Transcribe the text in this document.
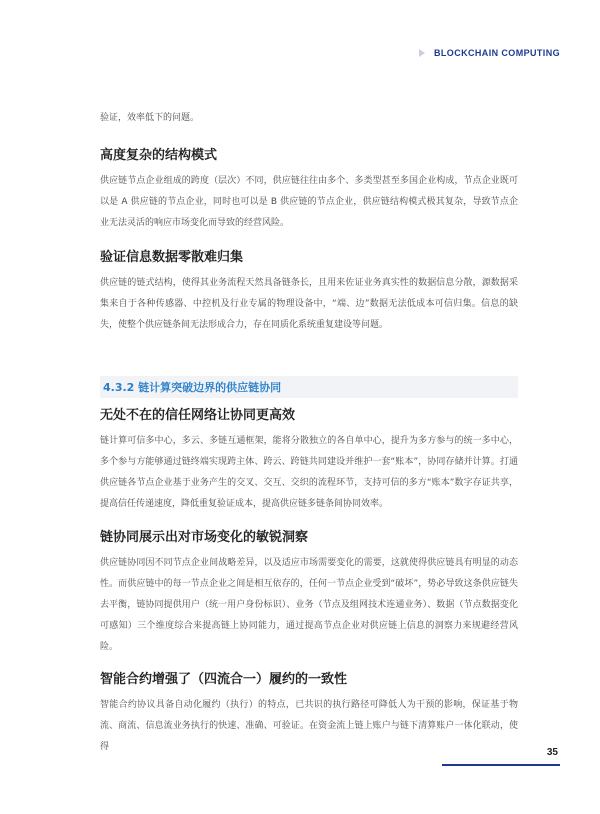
BLOCKCHAIN COMPUTING

验证，效率低下的问题。

高度复杂的结构模式

供应链节点企业组成的跨度（层次）不同，供应链往往由多个、多类型甚至多国企业构成，节点企业既可以是 A 供应链的节点企业，同时也可以是 B 供应链的节点企业，供应链结构模式极其复杂，导致节点企业无法灵活的响应市场变化而导致的经营风险。

验证信息数据零散难归集

供应链的链式结构，使得其业务流程天然具备链条长，且用来佐证业务真实性的数据信息分散，源数据采集来自于各种传感器、中控机及行业专属的物理设备中，“端、边”数据无法低成本可信归集。信息的缺失，使整个供应链条间无法形成合力，存在同质化系统重复建设等问题。

4.3.2 链计算突破边界的供应链协同
无处不在的信任网络让协同更高效

链计算可信多中心，多云、多链互通框架，能将分散独立的各自单中心，提升为多方参与的统一多中心，多个参与方能够通过链终端实现跨主体、跨云、跨链共同建设并维护一套“账本”，协同存储并计算。打通供应链各节点企业基于业务产生的交叉、交互、交织的流程环节，支持可信的多方“账本”数字存证共享，提高信任传递速度，降低重复验证成本，提高供应链多链条间协同效率。

链协同展示出对市场变化的敏锐洞察

供应链协同因不同节点企业间战略差异，以及适应市场需要变化的需要，这就使得供应链具有明显的动态性。而供应链中的每一节点企业之间是相互依存的，任何一节点企业受到“破坏”，势必导致这条供应链失去平衡，链协同提供用户（统一用户身份标识）、业务（节点及组网技术连通业务）、数据（节点数据变化可感知）三个维度综合来提高链上协同能力，通过提高节点企业对供应链上信息的洞察力来规避经营风险。

智能合约增强了（四流合一）履约的一致性

智能合约协议具备自动化履约（执行）的特点，已共识的执行路径可降低人为干预的影响，保证基于物流、商流、信息流业务执行的快速、准确、可验证。在资金流上链上账户与链下清算账户一体化联动，使得	35
